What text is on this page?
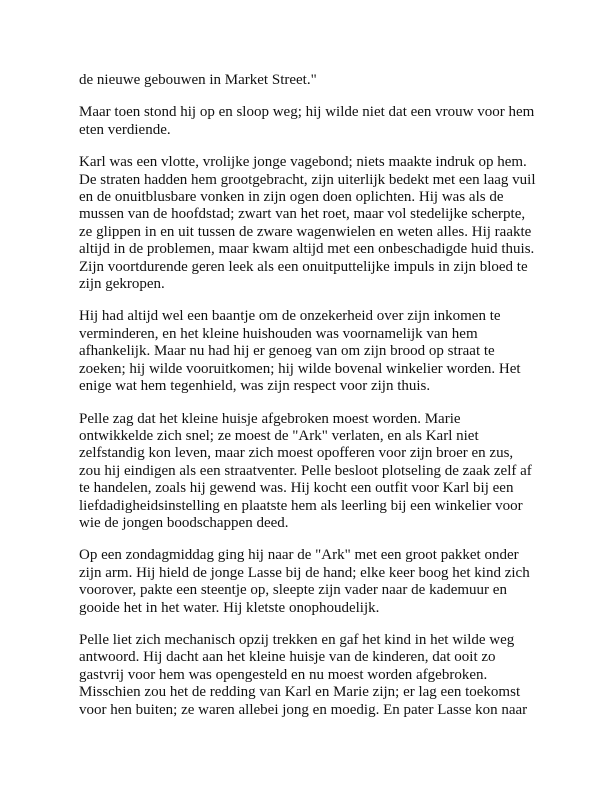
de nieuwe gebouwen in Market Street."

Maar toen stond hij op en sloop weg; hij wilde niet dat een vrouw voor hem eten verdiende.

Karl was een vlotte, vrolijke jonge vagebond; niets maakte indruk op hem. De straten hadden hem grootgebracht, zijn uiterlijk bedekt met een laag vuil en de onuitblusbare vonken in zijn ogen doen oplichten. Hij was als de mussen van de hoofdstad; zwart van het roet, maar vol stedelijke scherpte, ze glippen in en uit tussen de zware wagenwielen en weten alles. Hij raakte altijd in de problemen, maar kwam altijd met een onbeschadigde huid thuis. Zijn voortdurende geren leek als een onuitputtelijke impuls in zijn bloed te zijn gekropen.

Hij had altijd wel een baantje om de onzekerheid over zijn inkomen te verminderen, en het kleine huishouden was voornamelijk van hem afhankelijk. Maar nu had hij er genoeg van om zijn brood op straat te zoeken; hij wilde vooruitkomen; hij wilde bovenal winkelier worden. Het enige wat hem tegenhield, was zijn respect voor zijn thuis.

Pelle zag dat het kleine huisje afgebroken moest worden. Marie ontwikkelde zich snel; ze moest de "Ark" verlaten, en als Karl niet zelfstandig kon leven, maar zich moest opofferen voor zijn broer en zus, zou hij eindigen als een straatventer. Pelle besloot plotseling de zaak zelf af te handelen, zoals hij gewend was. Hij kocht een outfit voor Karl bij een liefdadigheidsinstelling en plaatste hem als leerling bij een winkelier voor wie de jongen boodschappen deed.

Op een zondagmiddag ging hij naar de "Ark" met een groot pakket onder zijn arm. Hij hield de jonge Lasse bij de hand; elke keer boog het kind zich voorover, pakte een steentje op, sleepte zijn vader naar de kademuur en gooide het in het water. Hij kletste onophoudelijk.

Pelle liet zich mechanisch opzij trekken en gaf het kind in het wilde weg antwoord. Hij dacht aan het kleine huisje van de kinderen, dat ooit zo gastvrij voor hem was opengesteld en nu moest worden afgebroken. Misschien zou het de redding van Karl en Marie zijn; er lag een toekomst voor hen buiten; ze waren allebei jong en moedig. En pater Lasse kon naar
